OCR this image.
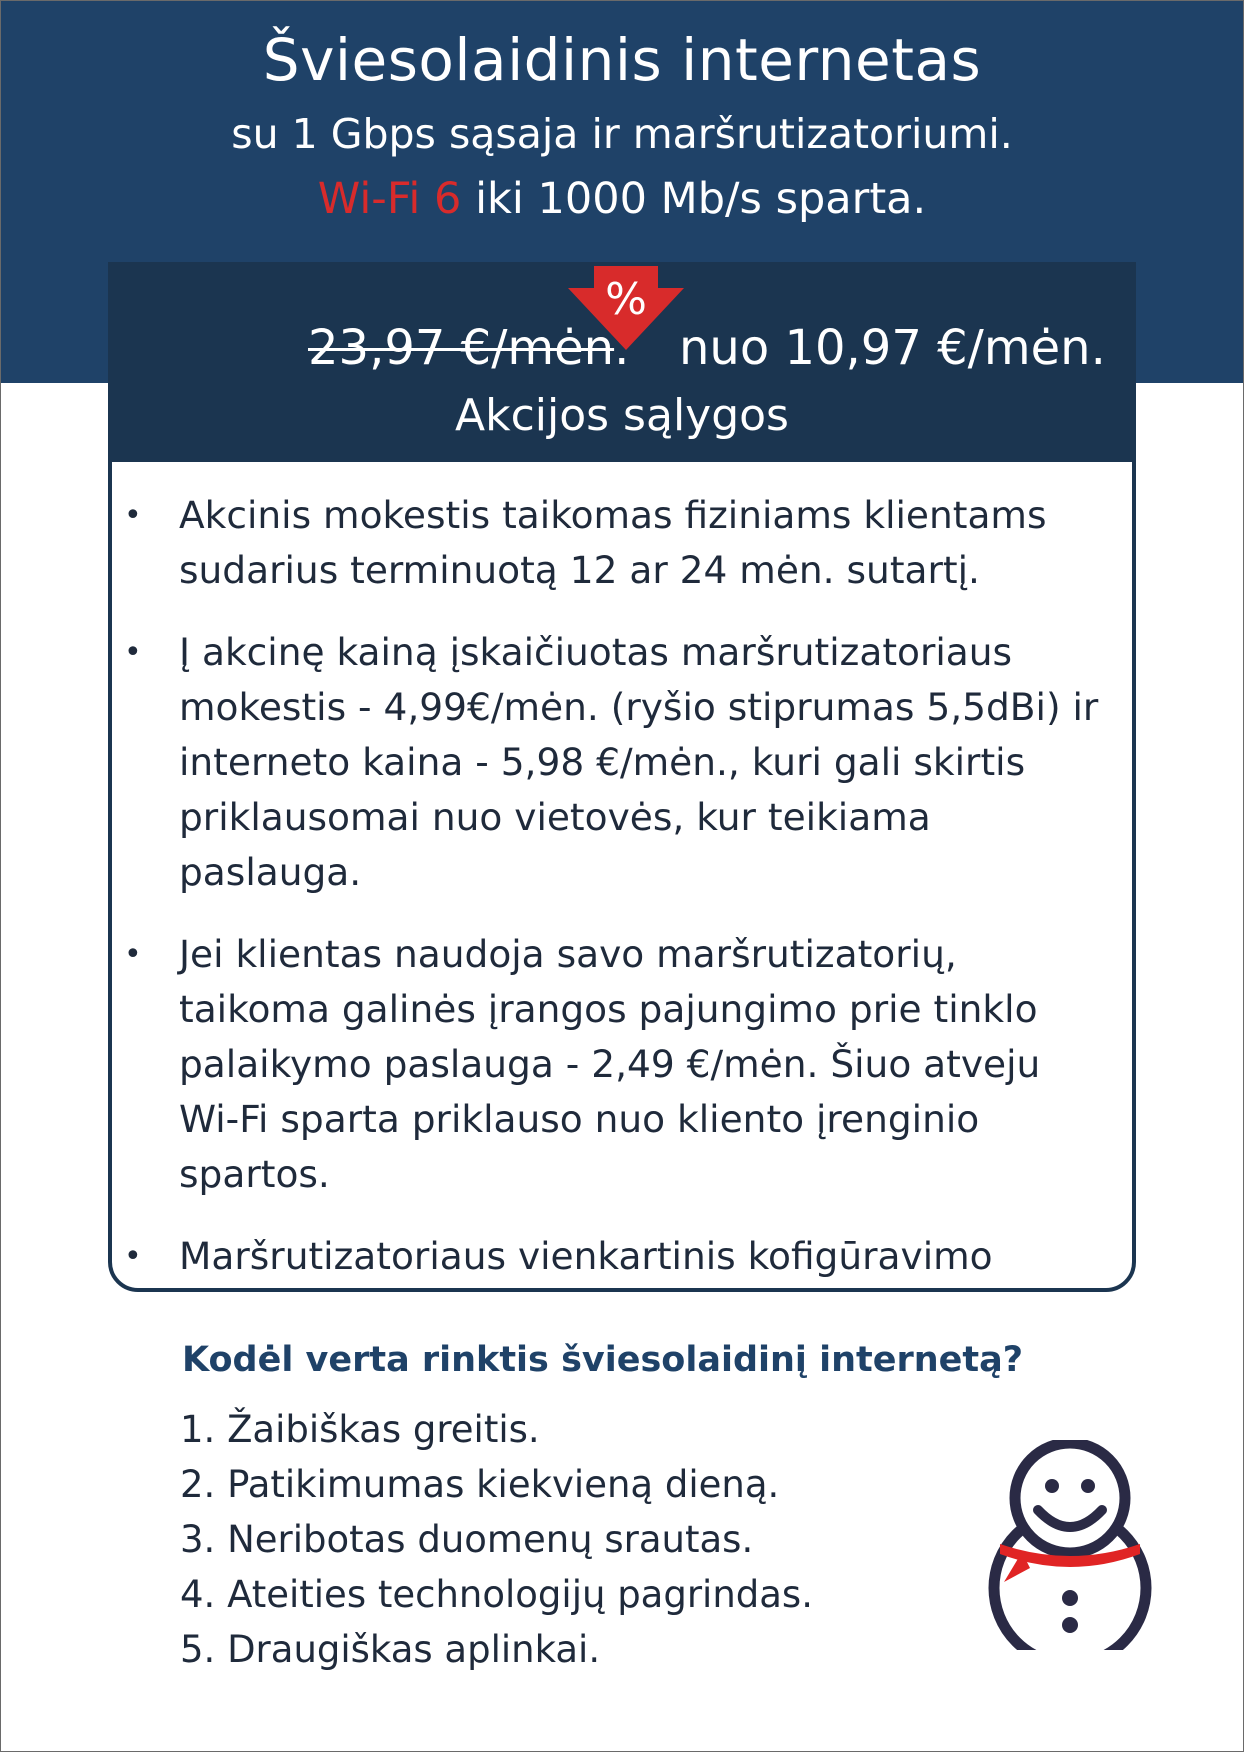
Šviesolaidinis internetas

su 1 Gbps sąsaja ir maršrutizatoriumi.

Wi-Fi 6 iki 1000 Mb/s sparta.

%
23,97 €/mėn. nuo 10,97 €/mėn.
Akcijos sąlygos
• Akcinis mokestis taikomas fiziniams klientams sudarius terminuotą 12 ar 24 mėn. sutartį.
• Į akcinę kainą įskaičiuotas maršrutizatoriaus mokestis - 4,99€/mėn. (ryšio stiprumas 5,5dBi) ir interneto kaina - 5,98 €/mėn., kuri gali skirtis priklausomai nuo vietovės, kur teikiama paslauga.
• Jei klientas naudoja savo maršrutizatorių, taikoma galinės įrangos pajungimo prie tinklo palaikymo paslauga - 2,49 €/mėn. Šiuo atveju Wi-Fi sparta priklauso nuo kliento įrenginio spartos.
• Maršrutizatoriaus vienkartinis kofigūravimo
Kodėl verta rinktis šviesolaidinį internetą?
1. Žaibiškas greitis.
2. Patikimumas kiekvieną dieną.
3. Neribotas duomenų srautas.
4. Ateities technologijų pagrindas.
5. Draugiškas aplinkai.
